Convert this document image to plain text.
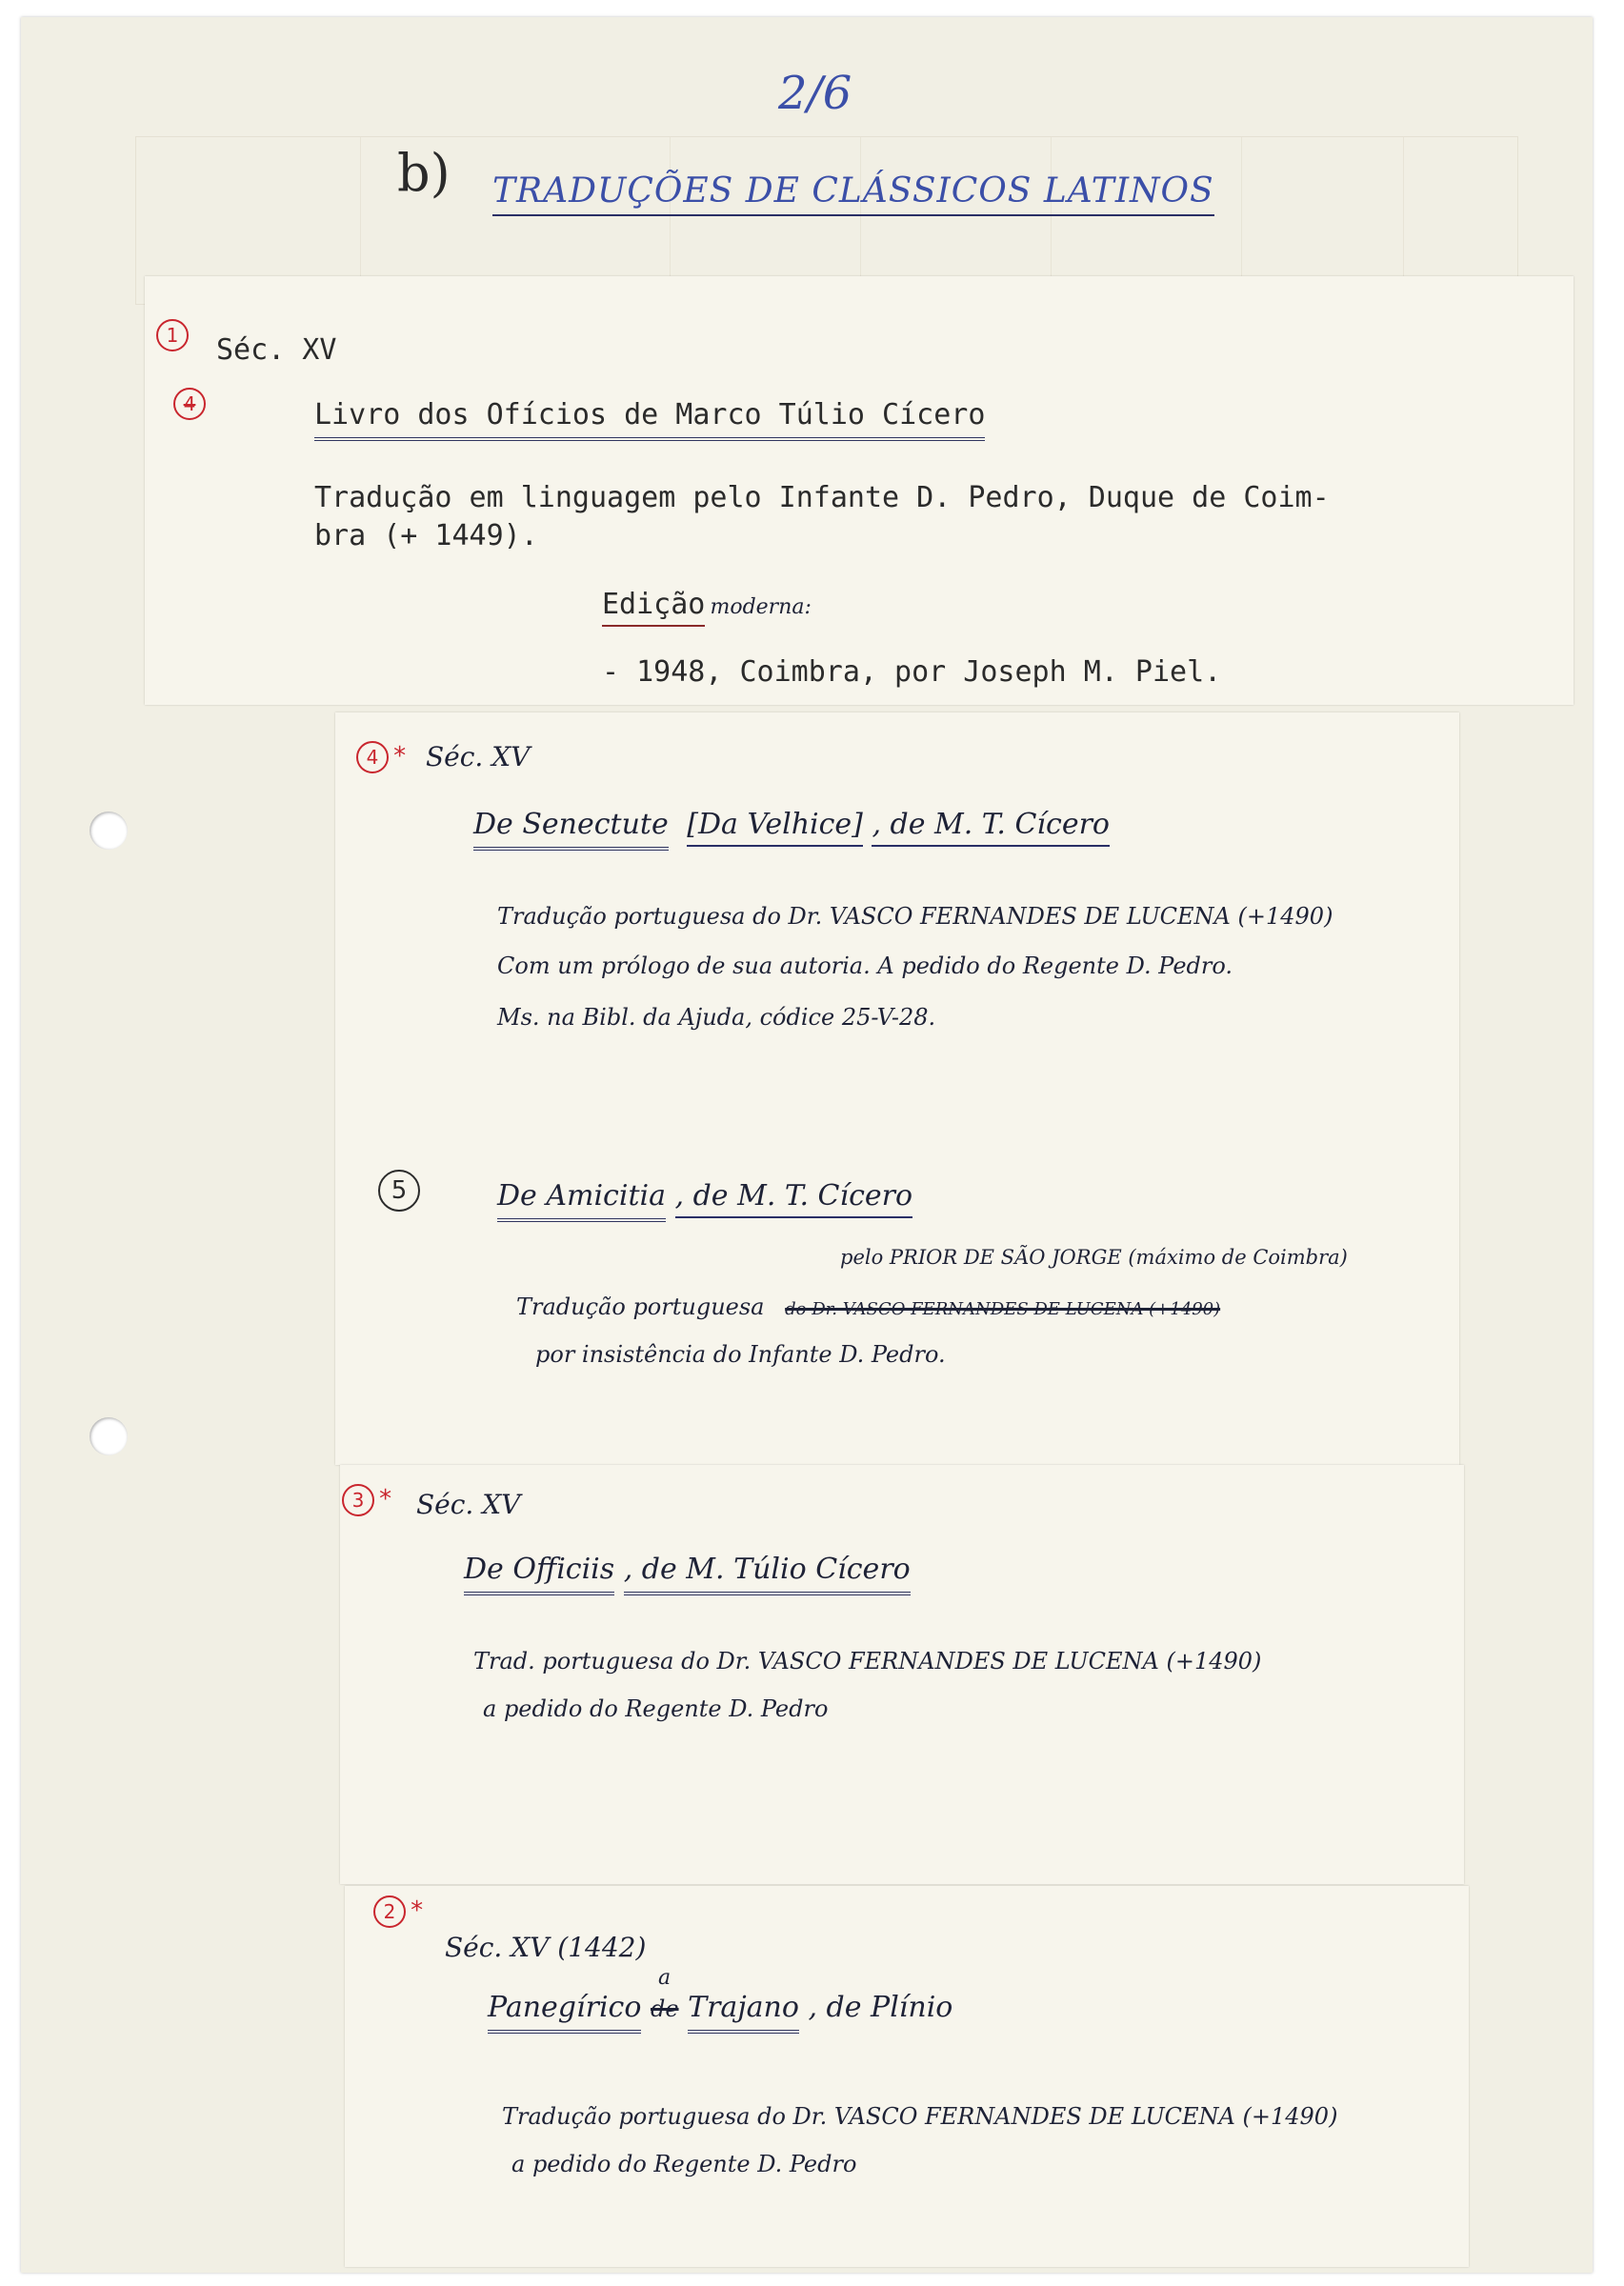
2/6
b) TRADUÇÕES DE CLÁSSICOS LATINOS
1	Séc. XV
4	Livro dos Ofícios de Marco Túlio Cícero
Tradução em linguagem pelo Infante D. Pedro, Duque de Coim-
bra (+ 1449).
Edição moderna:
- 1948, Coimbra, por Joseph M. Piel.
4 * Séc. XV
De Senectute [Da Velhice] , de M. T. Cícero
Tradução portuguesa do Dr. VASCO FERNANDES DE LUCENA (+1490)
Com um prólogo de sua autoria. A pedido do Regente D. Pedro.
Ms. na Bibl. da Ajuda, códice 25-V-28.
5	De Amicitia , de M. T. Cícero
pelo PRIOR DE SÃO JORGE (máximo de Coimbra)
Tradução portuguesa do Dr. VASCO FERNANDES DE LUCENA (+1490)
por insistência do Infante D. Pedro.
3 * Séc. XV
De Officiis , de M. Túlio Cícero
Trad. portuguesa do Dr. VASCO FERNANDES DE LUCENA (+1490)
a pedido do Regente D. Pedro
2 *
Séc. XV (1442)
Panegírico
a
de Trajano , de Plínio
Tradução portuguesa do Dr. VASCO FERNANDES DE LUCENA (+1490)
a pedido do Regente D. Pedro
